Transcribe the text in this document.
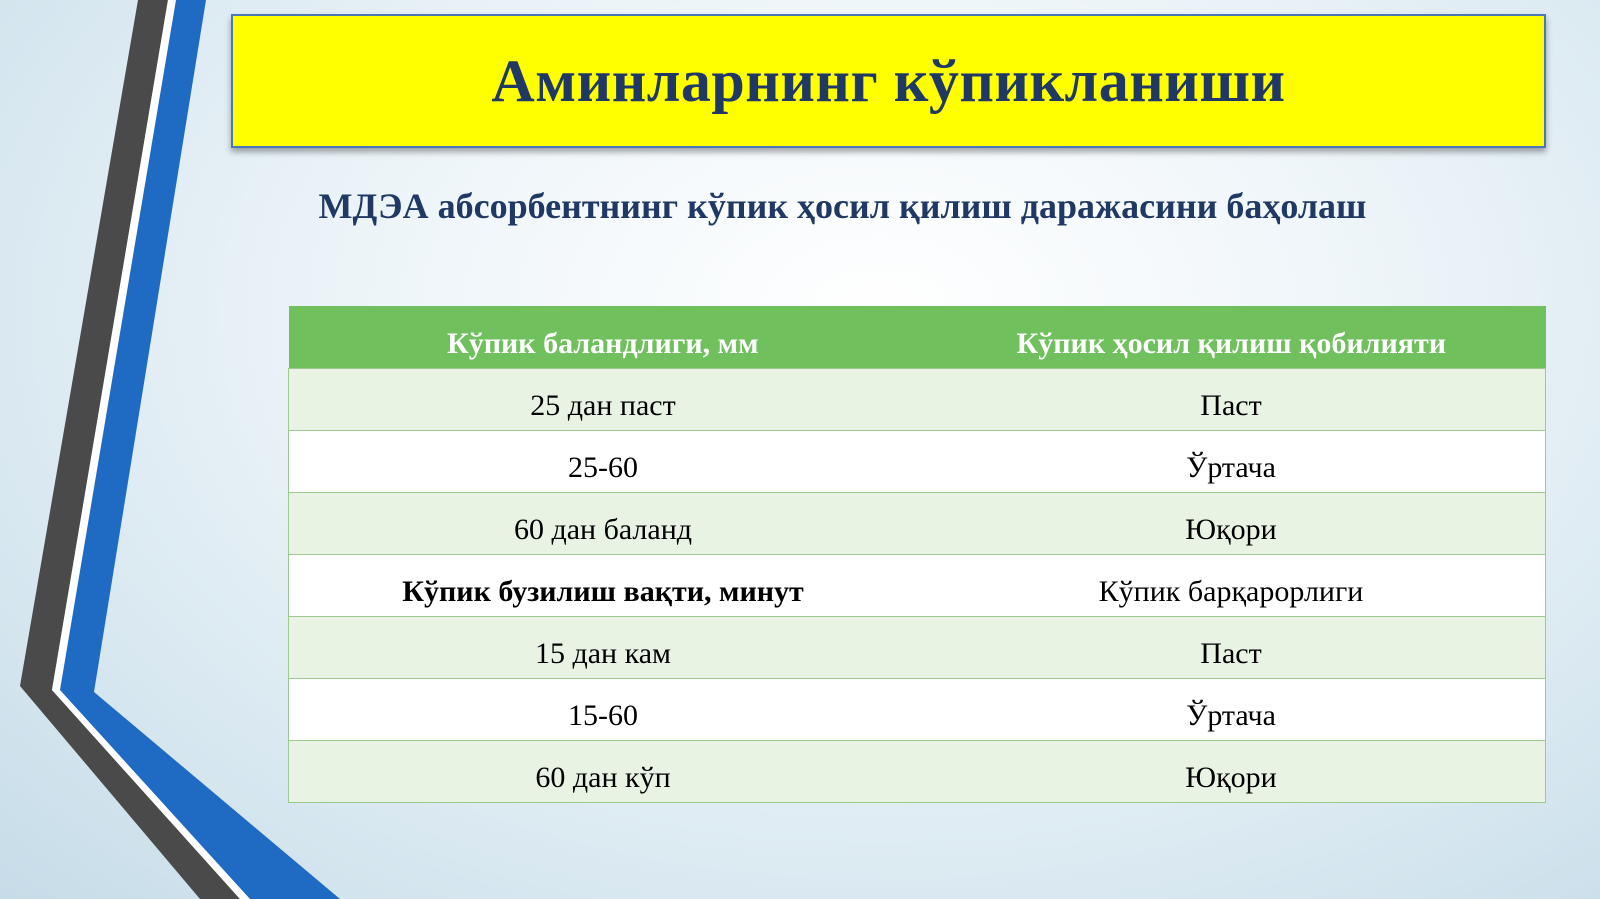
Аминларнинг кўпикланиши
МДЭА абсорбентнинг кўпик ҳосил қилиш даражасини баҳолаш
Кўпик баландлиги, мм	Кўпик ҳосил қилиш қобилияти
25 дан паст	Паст
25-60	Ўртача
60 дан баланд	Юқори
Кўпик бузилиш вақти, минут	Кўпик барқарорлиги
15 дан кам	Паст
15-60	Ўртача
60 дан кўп	Юқори
